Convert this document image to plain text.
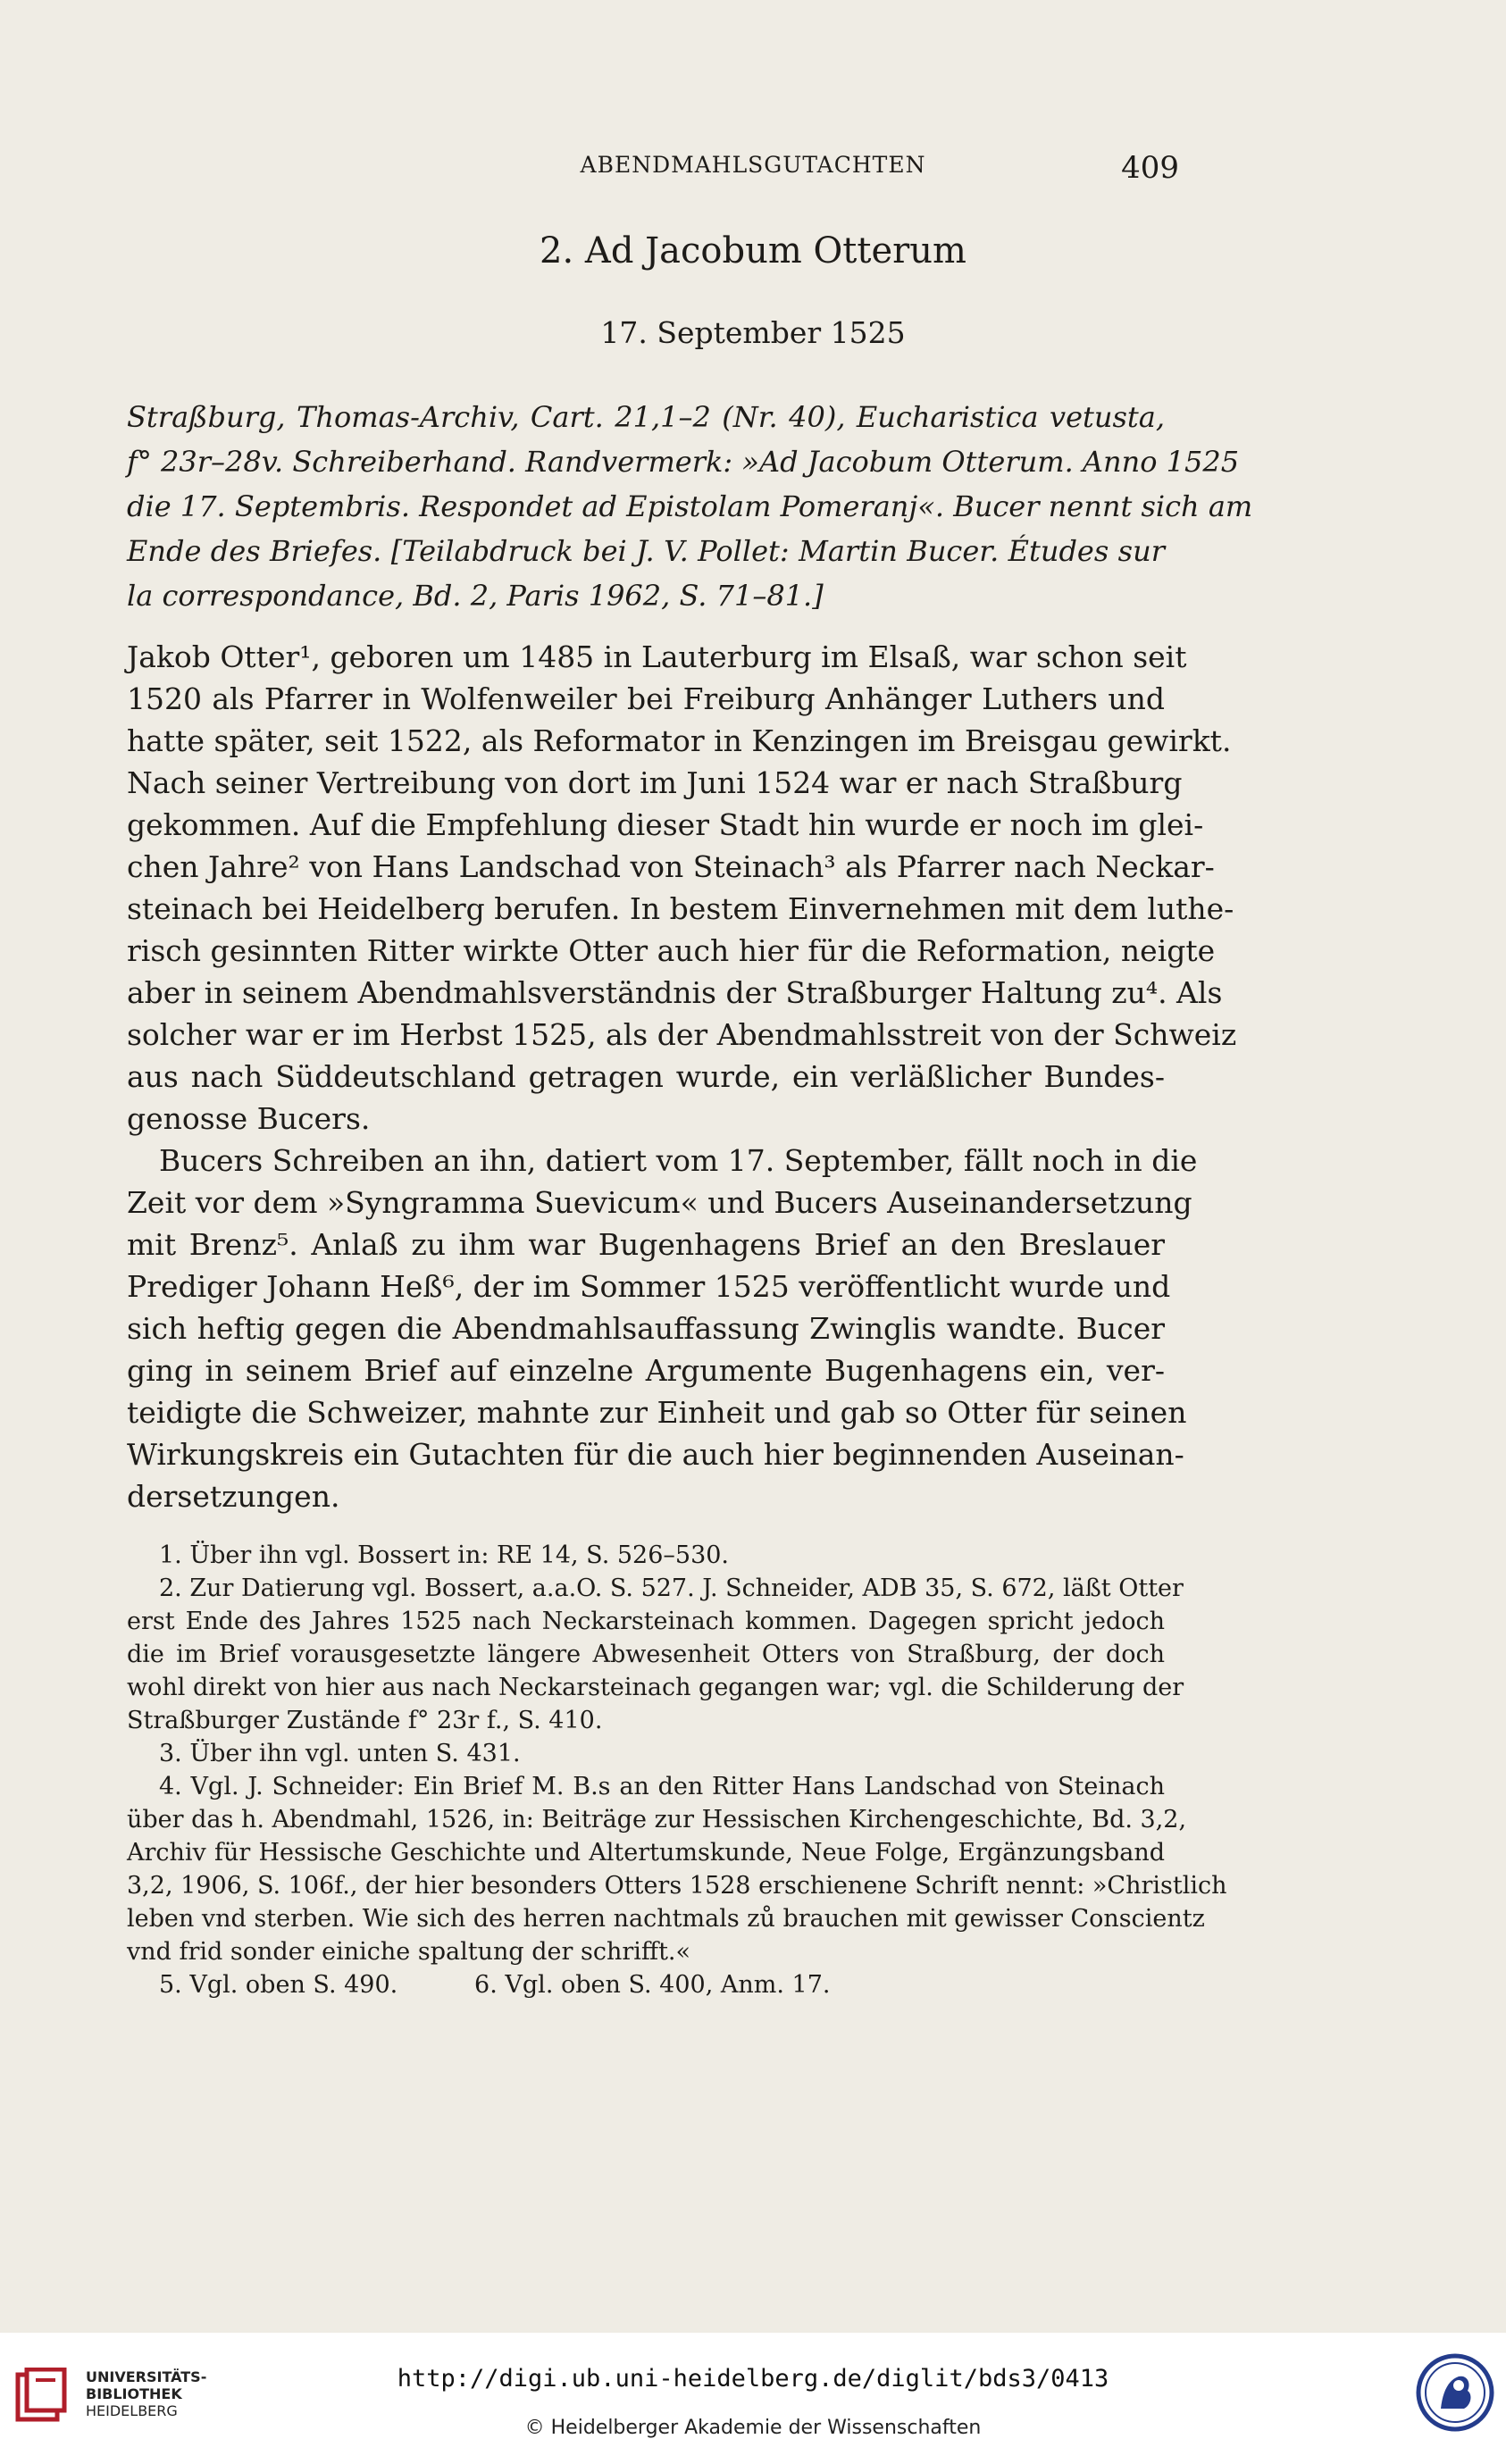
ABENDMAHLSGUTACHTEN	409
2. Ad Jacobum Otterum
17. September 1525
Straßburg, Thomas-Archiv, Cart. 21,1–2 (Nr. 40), Eucharistica vetusta,
f° 23r–28v. Schreiberhand. Randvermerk: »Ad Jacobum Otterum. Anno 1525
die 17. Septembris. Respondet ad Epistolam Pomeranj«. Bucer nennt sich am
Ende des Briefes. [Teilabdruck bei J. V. Pollet: Martin Bucer. Études sur
la correspondance, Bd. 2, Paris 1962, S. 71–81.]
Jakob Otter¹, geboren um 1485 in Lauterburg im Elsaß, war schon seit
1520 als Pfarrer in Wolfenweiler bei Freiburg Anhänger Luthers und
hatte später, seit 1522, als Reformator in Kenzingen im Breisgau gewirkt.
Nach seiner Vertreibung von dort im Juni 1524 war er nach Straßburg
gekommen. Auf die Empfehlung dieser Stadt hin wurde er noch im glei-
chen Jahre² von Hans Landschad von Steinach³ als Pfarrer nach Neckar-
steinach bei Heidelberg berufen. In bestem Einvernehmen mit dem luthe-
risch gesinnten Ritter wirkte Otter auch hier für die Reformation, neigte
aber in seinem Abendmahlsverständnis der Straßburger Haltung zu⁴. Als
solcher war er im Herbst 1525, als der Abendmahlsstreit von der Schweiz
aus nach Süddeutschland getragen wurde, ein verläßlicher Bundes-
genosse Bucers.
Bucers Schreiben an ihn, datiert vom 17. September, fällt noch in die
Zeit vor dem »Syngramma Suevicum« und Bucers Auseinandersetzung
mit Brenz⁵. Anlaß zu ihm war Bugenhagens Brief an den Breslauer
Prediger Johann Heß⁶, der im Sommer 1525 veröffentlicht wurde und
sich heftig gegen die Abendmahlsauffassung Zwinglis wandte. Bucer
ging in seinem Brief auf einzelne Argumente Bugenhagens ein, ver-
teidigte die Schweizer, mahnte zur Einheit und gab so Otter für seinen
Wirkungskreis ein Gutachten für die auch hier beginnenden Auseinan-
dersetzungen.
1. Über ihn vgl. Bossert in: RE 14, S. 526–530.
2. Zur Datierung vgl. Bossert, a.a.O. S. 527. J. Schneider, ADB 35, S. 672, läßt Otter
erst Ende des Jahres 1525 nach Neckarsteinach kommen. Dagegen spricht jedoch
die im Brief vorausgesetzte längere Abwesenheit Otters von Straßburg, der doch
wohl direkt von hier aus nach Neckarsteinach gegangen war; vgl. die Schilderung der
Straßburger Zustände f° 23r f., S. 410.
3. Über ihn vgl. unten S. 431.
4. Vgl. J. Schneider: Ein Brief M. B.s an den Ritter Hans Landschad von Steinach
über das h. Abendmahl, 1526, in: Beiträge zur Hessischen Kirchengeschichte, Bd. 3,2,
Archiv für Hessische Geschichte und Altertumskunde, Neue Folge, Ergänzungsband
3,2, 1906, S. 106f., der hier besonders Otters 1528 erschienene Schrift nennt: »Christlich
leben vnd sterben. Wie sich des herren nachtmals zů brauchen mit gewisser Conscientz
vnd frid sonder einiche spaltung der schrifft.«
5. Vgl. oben S. 490.          6. Vgl. oben S. 400, Anm. 17.
UNIVERSITÄTS-
BIBLIOTHEK
HEIDELBERG
http://digi.ub.uni-heidelberg.de/diglit/bds3/0413
© Heidelberger Akademie der Wissenschaften
